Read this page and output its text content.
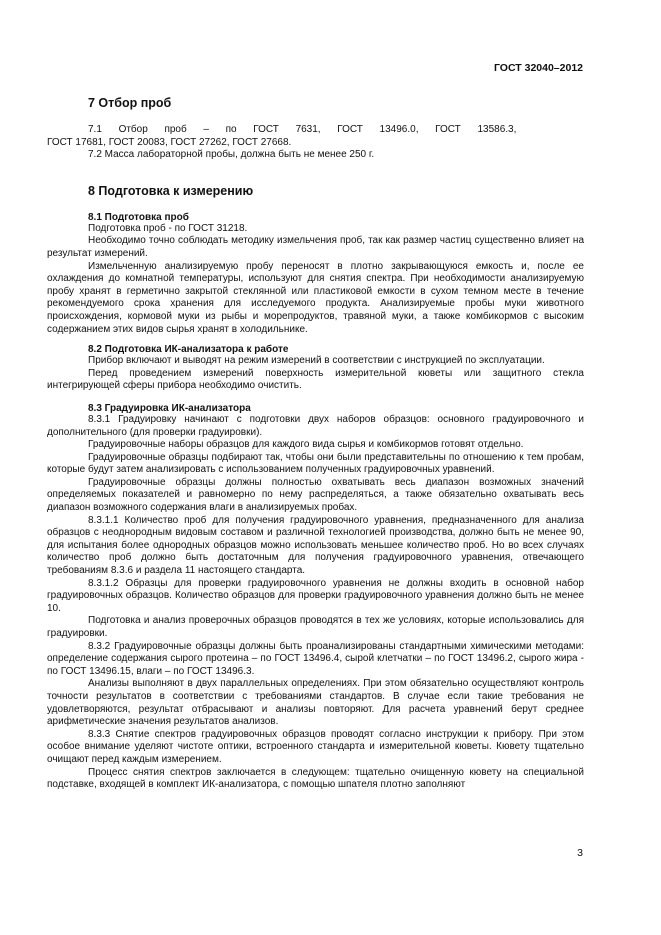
ГОСТ 32040–2012
7 Отбор проб
7.1      Отбор      проб      –      по      ГОСТ      7631,      ГОСТ      13496.0,      ГОСТ      13586.3,
ГОСТ 17681, ГОСТ 20083, ГОСТ 27262, ГОСТ 27668.
7.2 Масса лабораторной пробы, должна быть не менее 250 г.
8 Подготовка к измерению
8.1 Подготовка проб
Подготовка проб - по ГОСТ 31218.
Необходимо точно соблюдать методику измельчения проб, так как размер частиц существенно влияет на результат измерений.
Измельченную анализируемую пробу переносят в плотно закрывающуюся емкость и, после ее охлаждения до комнатной температуры, используют для снятия спектра. При необходимости анализируемую пробу хранят в герметично закрытой стеклянной или пластиковой емкости в сухом темном месте в течение рекомендуемого срока хранения для исследуемого продукта. Анализируемые пробы муки животного происхождения, кормовой муки из рыбы и морепродуктов, травяной муки, а также комбикормов с высоким содержанием этих видов сырья хранят в холодильнике.
8.2 Подготовка ИК-анализатора к работе
Прибор включают и выводят на режим измерений в соответствии с инструкцией по эксплуатации.
Перед проведением измерений поверхность измерительной кюветы или защитного стекла интегрирующей сферы прибора необходимо очистить.
8.3 Градуировка ИК-анализатора
8.3.1 Градуировку начинают с подготовки двух наборов образцов: основного градуировочного и дополнительного (для проверки градуировки).
Градуировочные наборы образцов для каждого вида сырья и комбикормов готовят отдельно.
Градуировочные образцы подбирают так, чтобы они были представительны по отношению к тем пробам, которые будут затем анализировать с использованием полученных градуировочных уравнений.
Градуировочные образцы должны полностью охватывать весь диапазон возможных значений определяемых показателей и равномерно по нему распределяться, а также обязательно охватывать весь диапазон возможного содержания влаги в анализируемых пробах.
8.3.1.1 Количество проб для получения градуировочного уравнения, предназначенного для анализа образцов с неоднородным видовым составом и различной технологией производства, должно быть не менее 90, для испытания более однородных образцов можно использовать меньшее количество проб. Но во всех случаях количество проб должно быть достаточным для получения градуировочного уравнения, отвечающего требованиям 8.3.6 и раздела 11 настоящего стандарта.
8.3.1.2 Образцы для проверки градуировочного уравнения не должны входить в основной набор градуировочных образцов. Количество образцов для проверки градуировочного уравнения должно быть не менее 10.
Подготовка и анализ проверочных образцов проводятся в тех же условиях, которые использовались для градуировки.
8.3.2 Градуировочные образцы должны быть проанализированы стандартными химическими методами: определение содержания сырого протеина – по ГОСТ 13496.4, сырой клетчатки – по ГОСТ 13496.2, сырого жира - по ГОСТ 13496.15, влаги – по ГОСТ 13496.3.
Анализы выполняют в двух параллельных определениях. При этом обязательно осуществляют контроль точности результатов в соответствии с требованиями стандартов. В случае если такие требования не удовлетворяются, результат отбрасывают и анализы повторяют. Для расчета уравнений берут среднее арифметические значения результатов анализов.
8.3.3 Снятие спектров градуировочных образцов проводят согласно инструкции к прибору. При этом особое внимание уделяют чистоте оптики, встроенного стандарта и измерительной кюветы. Кювету тщательно очищают перед каждым измерением.
Процесс снятия спектров заключается в следующем: тщательно очищенную кювету на специальной подставке, входящей в комплект ИК-анализатора, с помощью шпателя плотно заполняют
3
